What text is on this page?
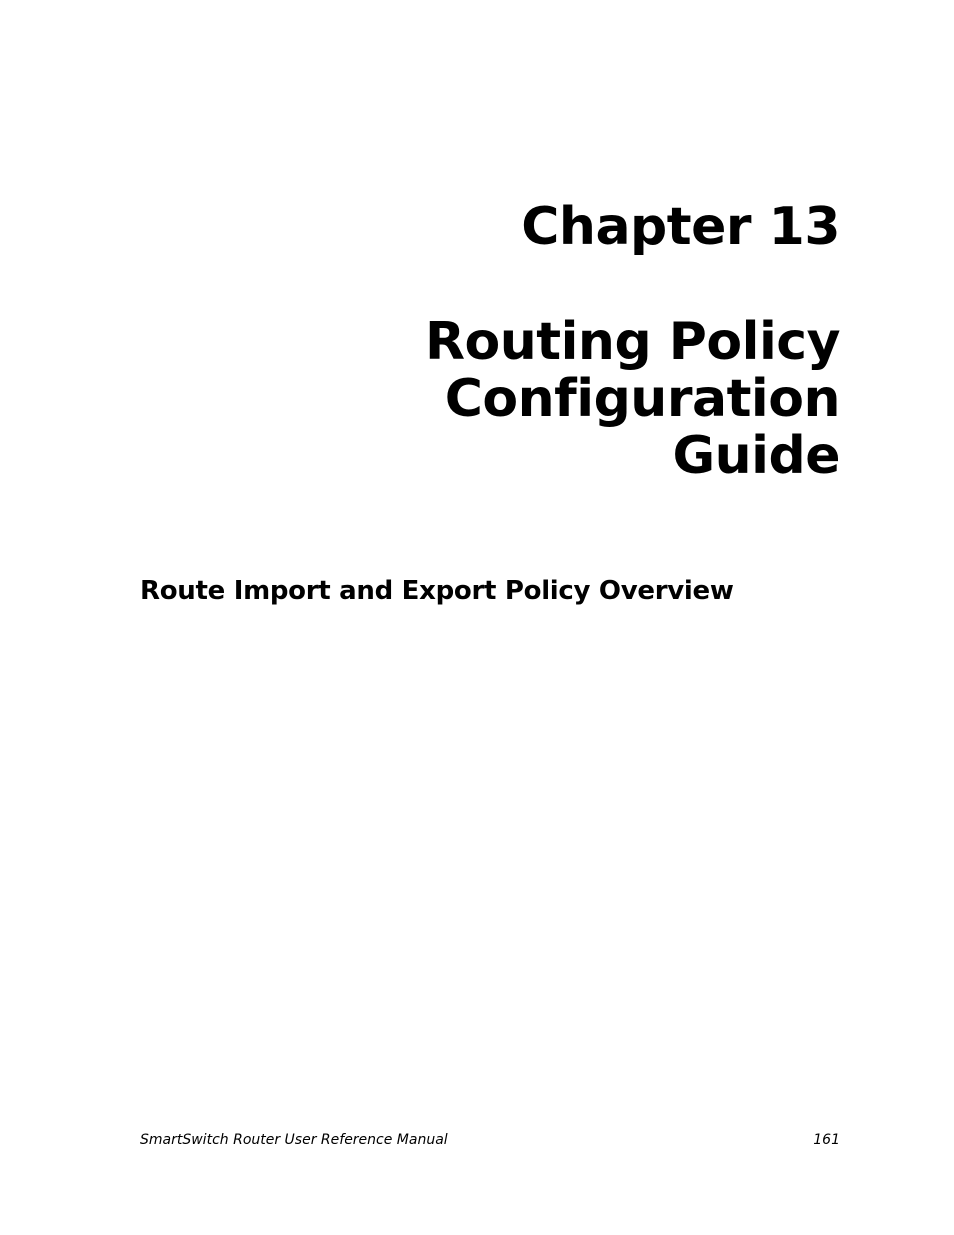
Chapter 13
Routing Policy
Configuration
Guide
Route Import and Export Policy Overview
SmartSwitch Router User Reference Manual	161
